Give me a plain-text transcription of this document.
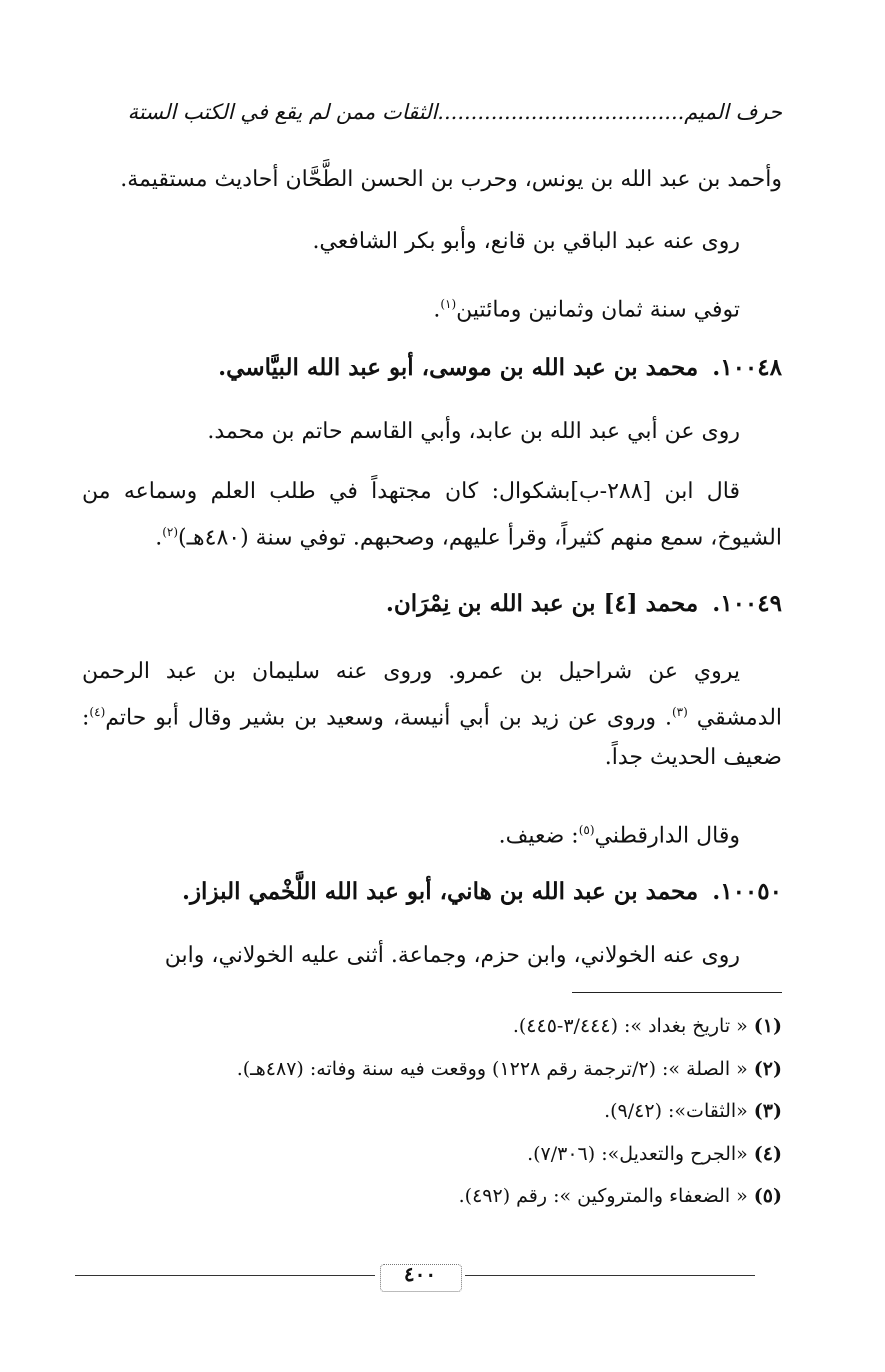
حرف الميم.....................................الثقات ممن لم يقع في الكتب الستة
وأحمد بن عبد الله بن يونس، وحرب بن الحسن الطَّحَّان أحاديث مستقيمة.
روى عنه عبد الباقي بن قانع، وأبو بكر الشافعي.
توفي سنة ثمان وثمانين ومائتين$^{(١)}$.
١٠٠٤٨.محمد بن عبد الله بن موسى، أبو عبد الله البيَّاسي.
روى عن أبي عبد الله بن عابد، وأبي القاسم حاتم بن محمد.
قال ابن [٢٨٨-ب]بشكوال: كان مجتهداً في طلب العلم وسماعه من الشيوخ، سمع منهم كثيراً، وقرأ عليهم، وصحبهم. توفي سنة (٤٨٠هـ)$^{(٢)}$.
١٠٠٤٩.محمد [٤] بن عبد الله بن نِمْرَان.
يروي عن شراحيل بن عمرو. وروى عنه سليمان بن عبد الرحمن الدمشقي $^{(٣)}$. وروى عن زيد بن أبي أنيسة، وسعيد بن بشير وقال أبو حاتم$^{(٤)}$: ضعيف الحديث جداً.
وقال الدارقطني$^{(٥)}$: ضعيف.
١٠٠٥٠.محمد بن عبد الله بن هاني، أبو عبد الله اللَّخْمي البزاز.
روى عنه الخولاني، وابن حزم، وجماعة. أثنى عليه الخولاني، وابن
(١)« تاريخ بغداد »: (٣/٤٤٤-٤٤٥).
(٢)« الصلة »: (٢/ترجمة رقم ١٢٢٨) ووقعت فيه سنة وفاته: (٤٨٧هـ).
(٣)«الثقات»: (٩/٤٢).
(٤)«الجرح والتعديل»: (٧/٣٠٦).
(٥)« الضعفاء والمتروكين »: رقم (٤٩٢).
٤٠٠
